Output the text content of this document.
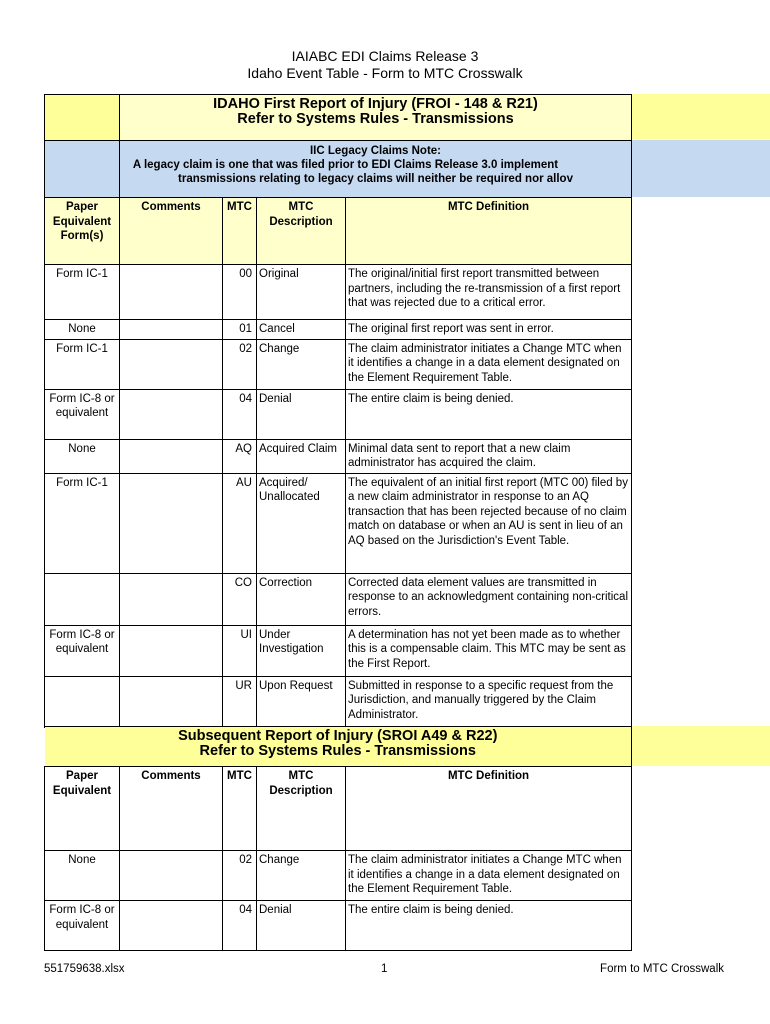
IAIABC EDI Claims Release 3
Idaho Event Table - Form to MTC Crosswalk

	IDAHO First Report of Injury (FROI - 148 & R21)
Refer to Systems Rules - Transmissions			

	IIC Legacy Claims Note:
A legacy claim is one that was filed prior to EDI Claims Release 3.0 implement
transmissions relating to legacy claims will neither be required nor allov			

Paper Equivalent Form(s)	Comments	MTC	MTC Description	MTC Definition
Form IC-1		00	Original	The original/initial first report transmitted between partners, including the re-transmission of a first report that was rejected due to a critical error.
None		01	Cancel	The original first report was sent in error.
Form IC-1		02	Change	The claim administrator initiates a Change MTC when it identifies a change in a data element designated on the Element Requirement Table.
Form IC-8 or equivalent		04	Denial	The entire claim is being denied.
None		AQ	Acquired Claim	Minimal data sent to report that a new claim administrator has acquired the claim.
Form IC-1		AU	Acquired/ Unallocated	The equivalent of an initial first report (MTC 00) filed by a new claim administrator in response to an AQ transaction that has been rejected because of no claim match on database or when an AU is sent in lieu of an AQ based on the Jurisdiction's Event Table.
		CO	Correction	Corrected data element values are transmitted in response to an acknowledgment containing non-critical errors.
Form IC-8 or equivalent		UI	Under Investigation	A determination has not yet been made as to whether this is a compensable claim. This MTC may be sent as the First Report.
		UR	Upon Request	Submitted in response to a specific request from the Jurisdiction, and manually triggered by the Claim Administrator.
Subsequent Report of Injury (SROI A49 & R22)
Refer to Systems Rules - Transmissions				

Paper Equivalent	Comments	MTC	MTC Description	MTC Definition
None		02	Change	The claim administrator initiates a Change MTC when it identifies a change in a data element designated on the Element Requirement Table.
Form IC-8 or equivalent		04	Denial	The entire claim is being denied.
551759638.xlsx	1	Form to MTC Crosswalk
